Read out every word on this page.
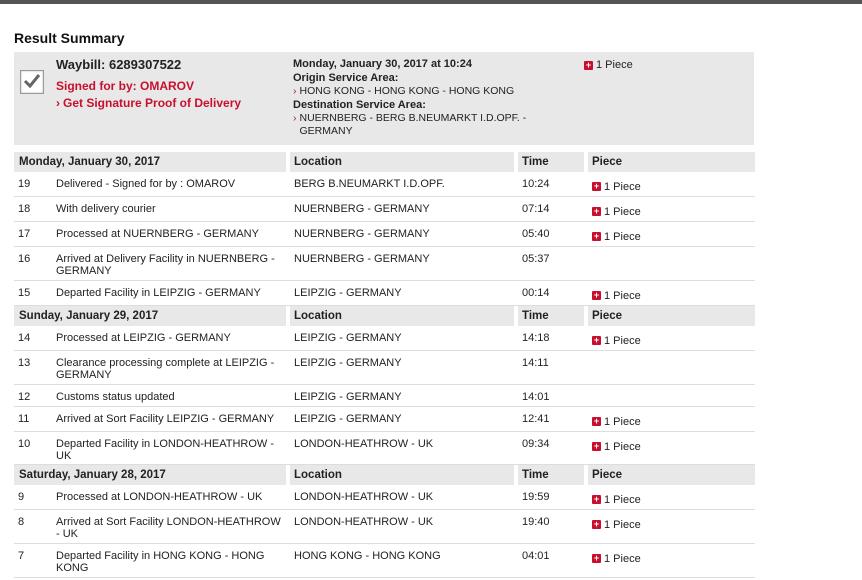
Result Summary
Waybill: 6289307522
Signed for by: OMAROV
› Get Signature Proof of Delivery
Monday, January 30, 2017 at 10:24
Origin Service Area:
› HONG KONG - HONG KONG - HONG KONG
Destination Service Area:
› NUERNBERG - BERG B.NEUMARKT I.D.OPF. - GERMANY
+ 1 Piece
Monday, January 30, 2017		Location	Time	Piece
19	Delivered - Signed for by : OMAROV	BERG B.NEUMARKT I.D.OPF.	10:24	+ 1 Piece

18	With delivery courier	NUERNBERG - GERMANY	07:14	+ 1 Piece

17	Processed at NUERNBERG - GERMANY	NUERNBERG - GERMANY	05:40	+ 1 Piece

16	Arrived at Delivery Facility in NUERNBERG - GERMANY	NUERNBERG - GERMANY	05:37	
15	Departed Facility in LEIPZIG - GERMANY	LEIPZIG - GERMANY	00:14	+ 1 Piece

Sunday, January 29, 2017		Location	Time	Piece
14	Processed at LEIPZIG - GERMANY	LEIPZIG - GERMANY	14:18	+ 1 Piece

13	Clearance processing complete at LEIPZIG - GERMANY	LEIPZIG - GERMANY	14:11	
12	Customs status updated	LEIPZIG - GERMANY	14:01	
11	Arrived at Sort Facility LEIPZIG - GERMANY	LEIPZIG - GERMANY	12:41	+ 1 Piece

10	Departed Facility in LONDON-HEATHROW - UK	LONDON-HEATHROW - UK	09:34	+ 1 Piece

Saturday, January 28, 2017		Location	Time	Piece
9	Processed at LONDON-HEATHROW - UK	LONDON-HEATHROW - UK	19:59	+ 1 Piece

8	Arrived at Sort Facility LONDON-HEATHROW - UK	LONDON-HEATHROW - UK	19:40	+ 1 Piece

7	Departed Facility in HONG KONG - HONG KONG	HONG KONG - HONG KONG	04:01	+ 1 Piece
